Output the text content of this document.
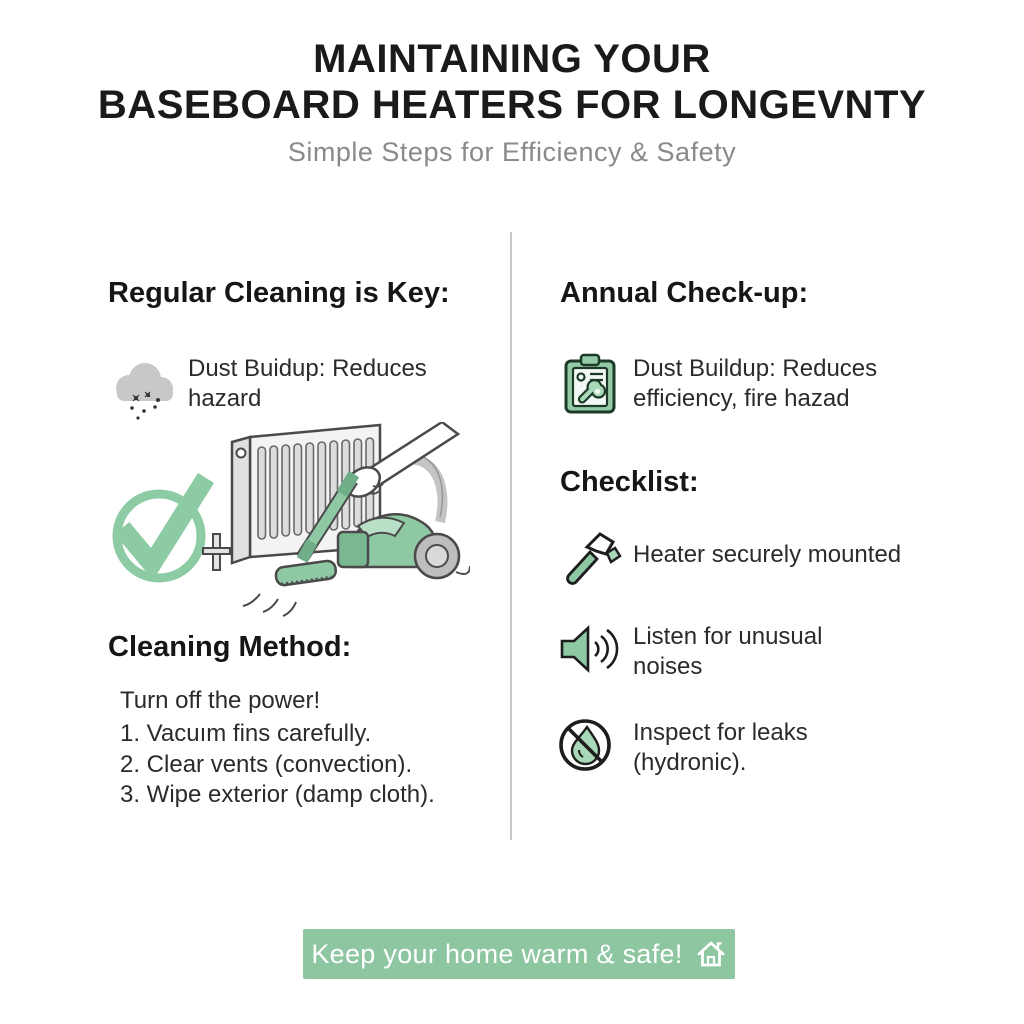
MAINTAINING YOUR
BASEBOARD HEATERS FOR LONGEVNTY
Simple Steps for Efficiency & Safety
Regular Cleaning is Key:
Dust Buidup: Reduces hazard
Cleaning Method:
Turn off the power!
1. Vacuım fins carefully.
2. Clear vents (convection).
3. Wipe exterior (damp cloth).
Annual Check-up:
Dust Buildup: Reduces efficiency, fire hazad
Checklist:
Heater securely mounted
Listen for unusual noises
Inspect for leaks (hydronic).
Keep your home warm & safe!
